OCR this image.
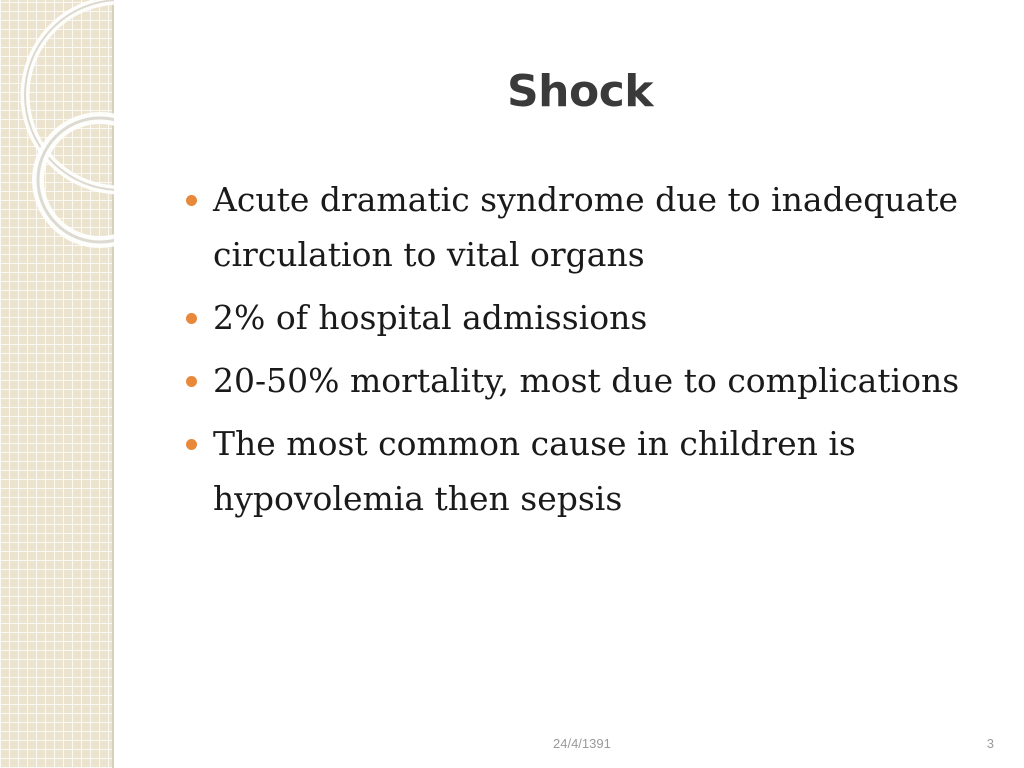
Shock
Acute dramatic syndrome due to inadequate circulation to vital organs
2% of hospital admissions
20-50% mortality, most due to complications
The most common cause in children is hypovolemia then sepsis
24/4/1391	3
